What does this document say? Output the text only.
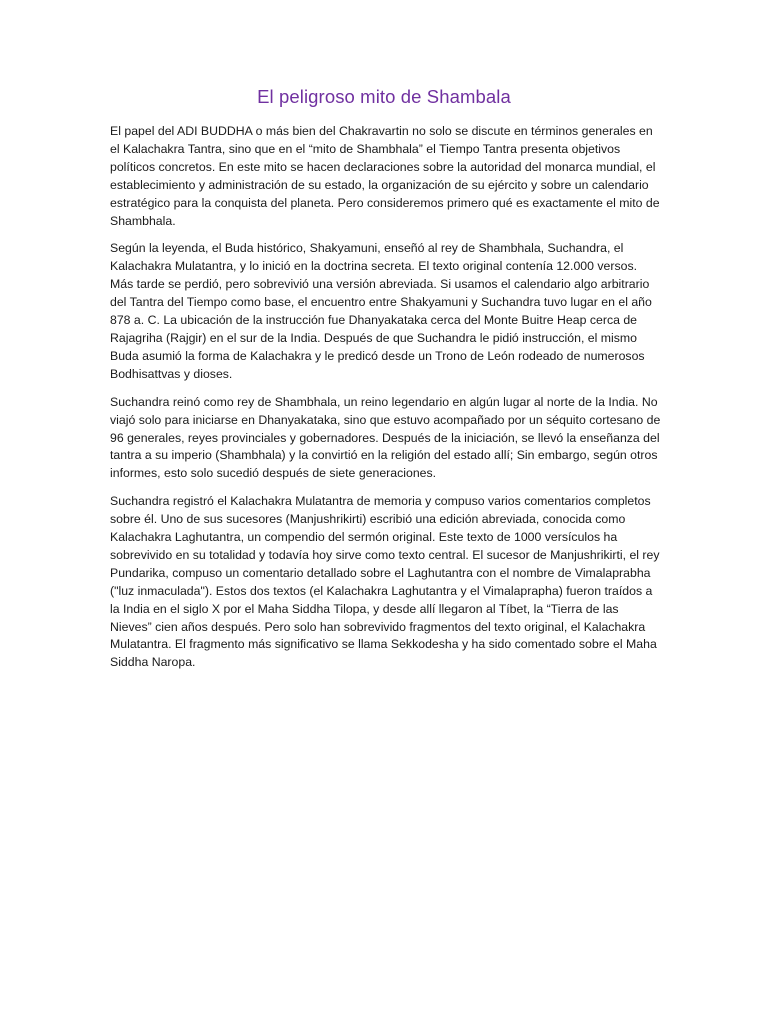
El peligroso mito de Shambala

El papel del ADI BUDDHA o más bien del Chakravartin no solo se discute en términos generales en el Kalachakra Tantra, sino que en el “mito de Shambhala” el Tiempo Tantra presenta objetivos políticos concretos. En este mito se hacen declaraciones sobre la autoridad del monarca mundial, el establecimiento y administración de su estado, la organización de su ejército y sobre un calendario estratégico para la conquista del planeta. Pero consideremos primero qué es exactamente el mito de Shambhala.

Según la leyenda, el Buda histórico, Shakyamuni, enseñó al rey de Shambhala, Suchandra, el Kalachakra Mulatantra, y lo inició en la doctrina secreta. El texto original contenía 12.000 versos. Más tarde se perdió, pero sobrevivió una versión abreviada. Si usamos el calendario algo arbitrario del Tantra del Tiempo como base, el encuentro entre Shakyamuni y Suchandra tuvo lugar en el año 878 a. C. La ubicación de la instrucción fue Dhanyakataka cerca del Monte Buitre Heap cerca de Rajagriha (Rajgir) en el sur de la India. Después de que Suchandra le pidió instrucción, el mismo Buda asumió la forma de Kalachakra y le predicó desde un Trono de León rodeado de numerosos Bodhisattvas y dioses.

Suchandra reinó como rey de Shambhala, un reino legendario en algún lugar al norte de la India. No viajó solo para iniciarse en Dhanyakataka, sino que estuvo acompañado por un séquito cortesano de 96 generales, reyes provinciales y gobernadores. Después de la iniciación, se llevó la enseñanza del tantra a su imperio (Shambhala) y la convirtió en la religión del estado allí; Sin embargo, según otros informes, esto solo sucedió después de siete generaciones.

Suchandra registró el Kalachakra Mulatantra de memoria y compuso varios comentarios completos sobre él. Uno de sus sucesores (Manjushrikirti) escribió una edición abreviada, conocida como Kalachakra Laghutantra, un compendio del sermón original. Este texto de 1000 versículos ha sobrevivido en su totalidad y todavía hoy sirve como texto central. El sucesor de Manjushrikirti, el rey Pundarika, compuso un comentario detallado sobre el Laghutantra con el nombre de Vimalaprabha ("luz inmaculada"). Estos dos textos (el Kalachakra Laghutantra y el Vimalaprapha) fueron traídos a la India en el siglo X por el Maha Siddha Tilopa, y desde allí llegaron al Tíbet, la “Tierra de las Nieves” cien años después. Pero solo han sobrevivido fragmentos del texto original, el Kalachakra Mulatantra. El fragmento más significativo se llama Sekkodesha y ha sido comentado sobre el Maha Siddha Naropa.
